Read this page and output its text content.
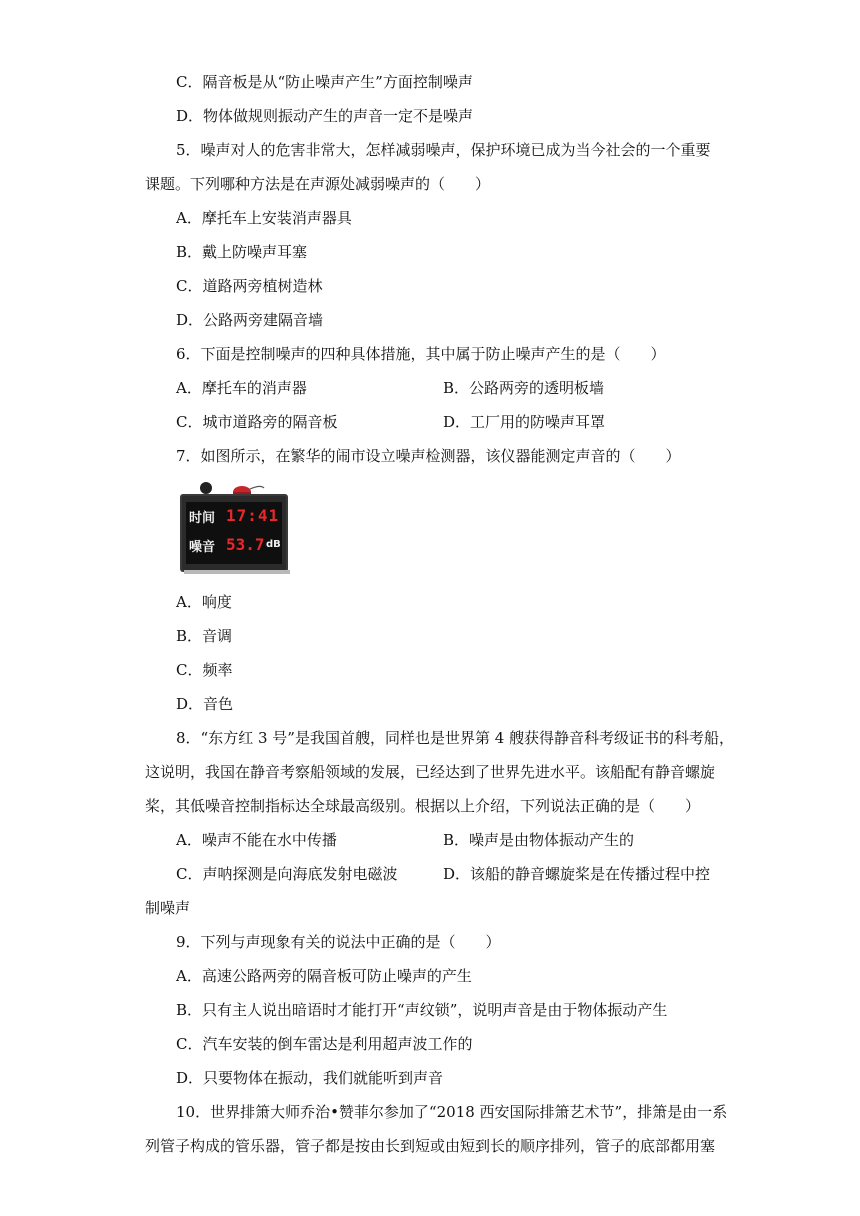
C．隔音板是从“防止噪声产生”方面控制噪声
D．物体做规则振动产生的声音一定不是噪声
5．噪声对人的危害非常大，怎样减弱噪声，保护环境已成为当今社会的一个重要
课题。下列哪种方法是在声源处减弱噪声的（　　）
A．摩托车上安装消声器具
B．戴上防噪声耳塞
C．道路两旁植树造林
D．公路两旁建隔音墙
6．下面是控制噪声的四种具体措施，其中属于防止噪声产生的是（　　）
A．摩托车的消声器	B．公路两旁的透明板墙
C．城市道路旁的隔音板	D．工厂用的防噪声耳罩
7．如图所示，在繁华的闹市设立噪声检测器，该仪器能测定声音的（　　）
时间 17:41
噪音 53.7 dB
A．响度
B．音调
C．频率
D．音色
8．“东方红 3 号”是我国首艘，同样也是世界第 4 艘获得静音科考级证书的科考船，
这说明，我国在静音考察船领域的发展，已经达到了世界先进水平。该船配有静音螺旋
桨，其低噪音控制指标达全球最高级别。根据以上介绍，下列说法正确的是（　　）
A．噪声不能在水中传播	B．噪声是由物体振动产生的
C．声呐探测是向海底发射电磁波	D．该船的静音螺旋桨是在传播过程中控
制噪声
9．下列与声现象有关的说法中正确的是（　　）
A．高速公路两旁的隔音板可防止噪声的产生
B．只有主人说出暗语时才能打开“声纹锁”，说明声音是由于物体振动产生
C．汽车安装的倒车雷达是利用超声波工作的
D．只要物体在振动，我们就能听到声音
10．世界排箫大师乔治•赞菲尔参加了“2018 西安国际排箫艺术节”，排箫是由一系
列管子构成的管乐器，管子都是按由长到短或由短到长的顺序排列，管子的底部都用塞
